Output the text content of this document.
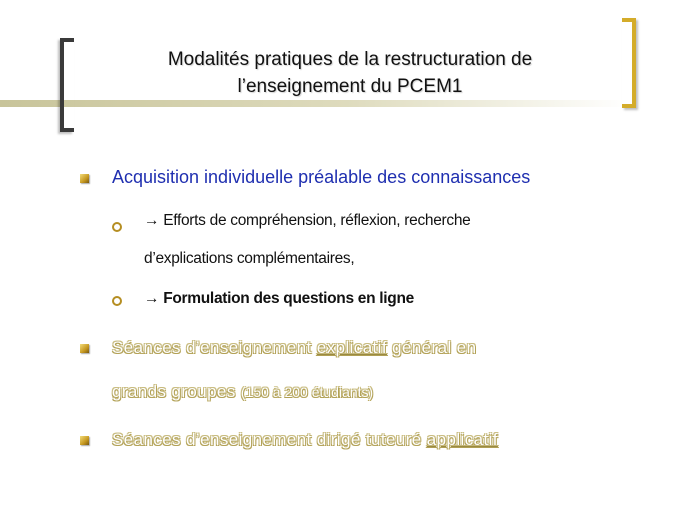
Modalités pratiques de la restructuration de
l’enseignement du PCEM1
Acquisition individuelle préalable des connaissances
→ Efforts de compréhension, réflexion, recherche
d’explications complémentaires,
→ Formulation des questions en ligne
Séances d’enseignement explicatif général en
grands groupes (150 à 200 étudiants)
Séances d’enseignement dirigé tuteuré applicatif
